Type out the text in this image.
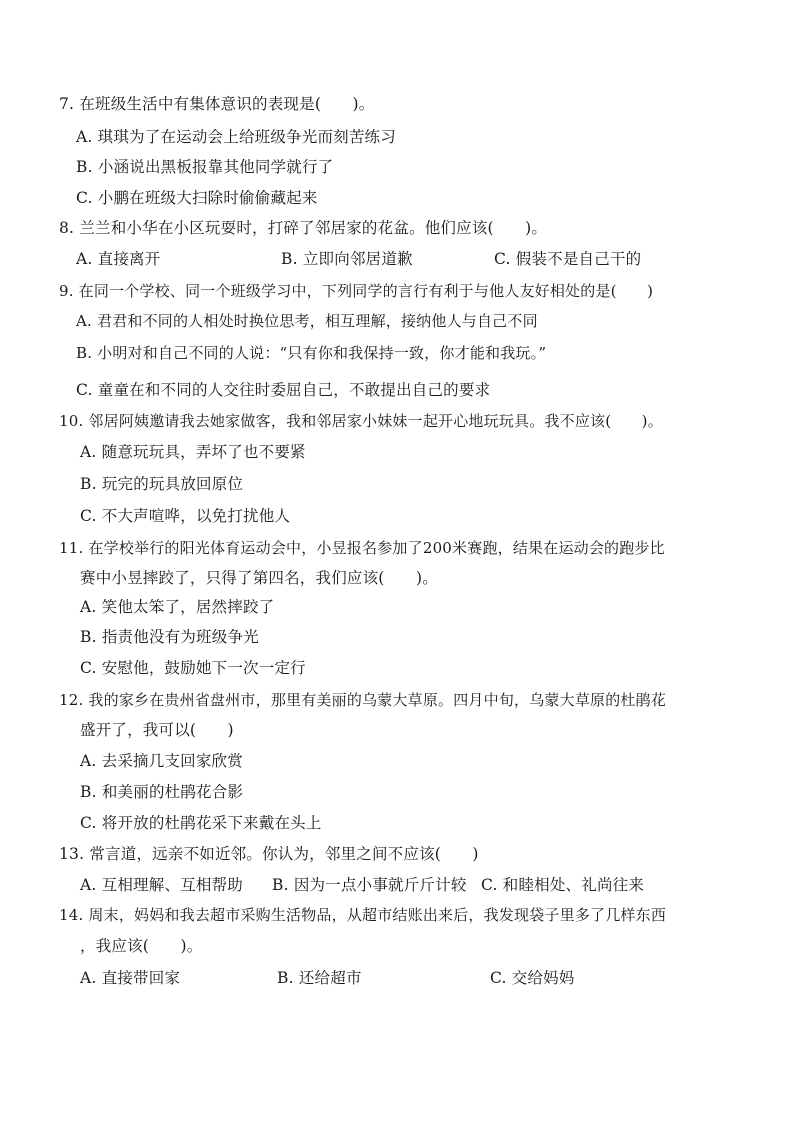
7. 在班级生活中有集体意识的表现是(　　)。
A. 琪琪为了在运动会上给班级争光而刻苦练习
B. 小涵说出黑板报靠其他同学就行了
C. 小鹏在班级大扫除时偷偷藏起来
8. 兰兰和小华在小区玩耍时，打碎了邻居家的花盆。他们应该(　　)。
A. 直接离开	B. 立即向邻居道歉	C. 假装不是自己干的
9. 在同一个学校、同一个班级学习中，下列同学的言行有利于与他人友好相处的是(　　)
A. 君君和不同的人相处时换位思考，相互理解，接纳他人与自己不同
B. 小明对和自己不同的人说：“只有你和我保持一致，你才能和我玩。”
C. 童童在和不同的人交往时委屈自己，不敢提出自己的要求
10. 邻居阿姨邀请我去她家做客，我和邻居家小妹妹一起开心地玩玩具。我不应该(　　)。
A. 随意玩玩具，弄坏了也不要紧
B. 玩完的玩具放回原位
C. 不大声喧哗，以免打扰他人
11. 在学校举行的阳光体育运动会中，小昱报名参加了200米赛跑，结果在运动会的跑步比
赛中小昱摔跤了，只得了第四名，我们应该(　　)。
A. 笑他太笨了，居然摔跤了
B. 指责他没有为班级争光
C. 安慰他，鼓励她下一次一定行
12. 我的家乡在贵州省盘州市，那里有美丽的乌蒙大草原。四月中旬，乌蒙大草原的杜鹃花
盛开了，我可以(　　)
A. 去采摘几支回家欣赏
B. 和美丽的杜鹃花合影
C. 将开放的杜鹃花采下来戴在头上
13. 常言道，远亲不如近邻。你认为，邻里之间不应该(　　)
A. 互相理解、互相帮助 B. 因为一点小事就斤斤计较 C. 和睦相处、礼尚往来
14. 周末，妈妈和我去超市采购生活物品，从超市结账出来后，我发现袋子里多了几样东西
，我应该(　　)。
A. 直接带回家	B. 还给超市	C. 交给妈妈
